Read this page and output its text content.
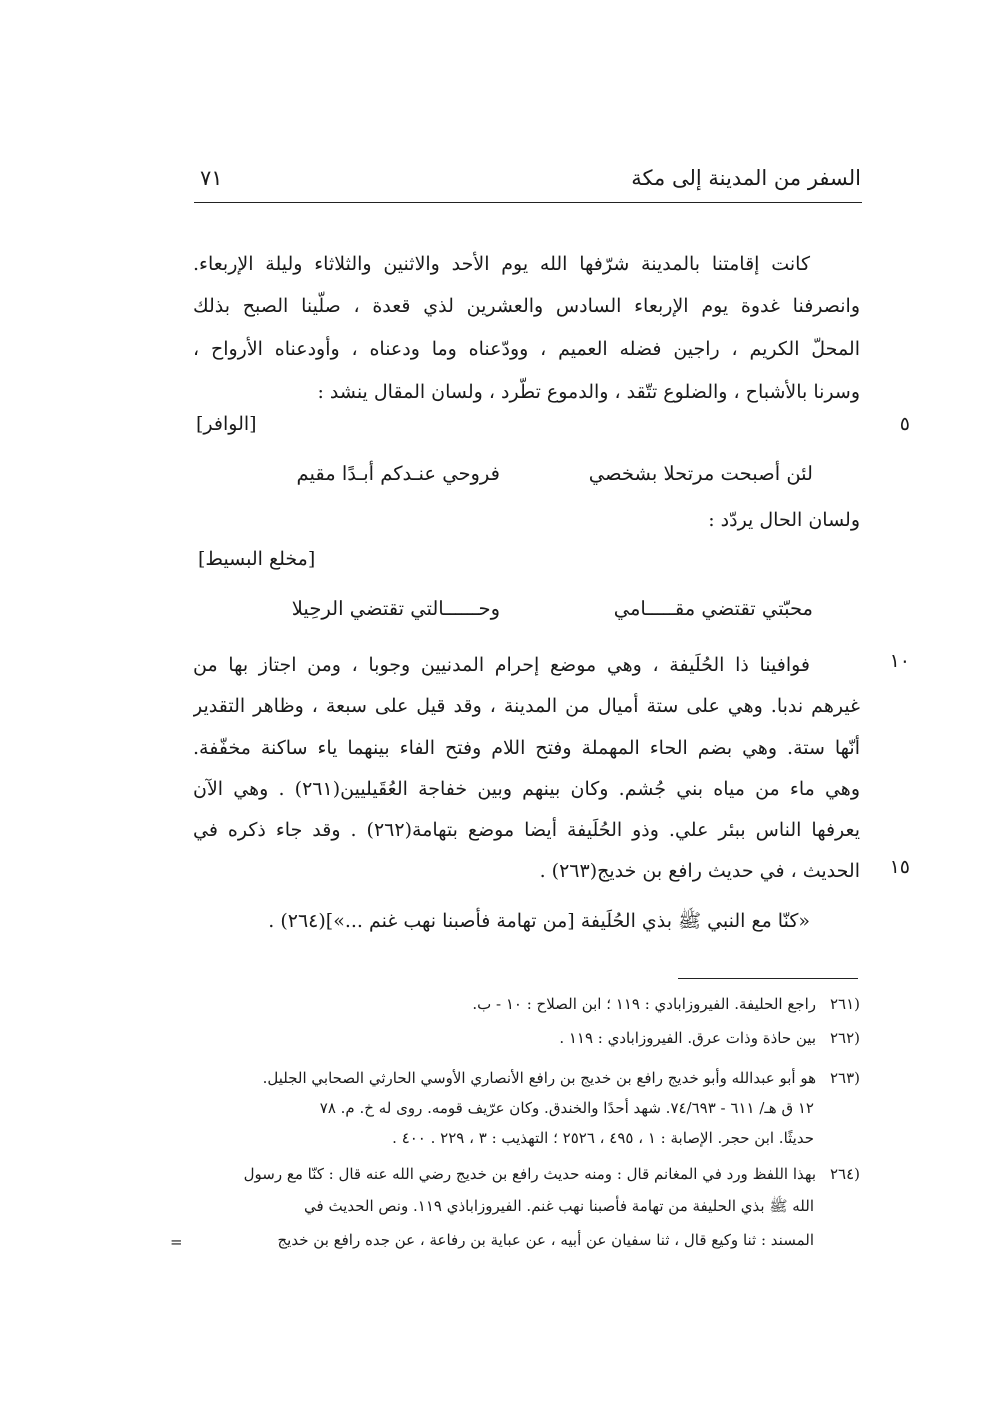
السفر من المدينة إلى مكة
٧١
كانت إقامتنا بالمدينة شرّفها الله يوم الأحد والاثنين والثلاثاء وليلة الإربعاء.
وانصرفنا غدوة يوم الإربعاء السادس والعشرين لذي قعدة ، صلّينا الصبح بذلك
المحلّ الكريم ، راجين فضله العميم ، وودّعناه وما ودعناه ، وأودعناه الأرواح ،
وسرنا بالأشباح ، والضلوع تتّقد ، والدموع تطّرد ، ولسان المقال ينشد :
[الوافر]	٥
لئن أصبحت مرتحلا بشخصي
فروحي عنـدكم أبـدًا مقيم
ولسان الحال يردّد :
[مخلع البسيط]
محبّتي تقتضي مقـــــامي
وحــــــالتي تقتضي الرحِيلا
١٠
فوافينا ذا الحُلَيفة ، وهي موضع إحرام المدنيين وجوبا ، ومن اجتاز بها من
غيرهم ندبا. وهي على ستة أميال من المدينة ، وقد قيل على سبعة ، وظاهر التقدير
أنّها ستة. وهي بضم الحاء المهملة وفتح اللام وفتح الفاء بينهما ياء ساكنة مخفّفة.
وهي ماء من مياه بني جُشم. وكان بينهم وبين خفاجة العُقَيليين(٢٦١) . وهي الآن
يعرفها الناس ببئر علي. وذو الحُلَيفة أيضا موضع بتهامة(٢٦٢) . وقد جاء ذكره في
الحديث ، في حديث رافع بن خديج(٢٦٣) . ١٥
«كنّا مع النبي ﷺ بذي الحُلَيفة [من تهامة فأصبنا نهب غنم ...»](٢٦٤) .
(٢٦١راجع الحليفة. الفيروزابادي : ١١٩ ؛ ابن الصلاح : ١٠ - ب.
(٢٦٢بين حاذة وذات عرق. الفيروزابادي : ١١٩ .
(٢٦٣هو أبو عبدالله وأبو خديج رافع بن خديج بن رافع الأنصاري الأوسي الحارثي الصحابي الجليل.
١٢ ق هـ/ ٦١١ - ٧٤/٦٩٣. شهد أحدًا والخندق. وكان عرّيف قومه. روى له خ. م. ٧٨
حديثًا. ابن حجر. الإصابة : ١ ، ٤٩٥ ، ٢٥٢٦ ؛ التهذيب : ٣ ، ٢٢٩ . ٤٠٠ .
(٢٦٤بهذا اللفظ ورد في المغانم قال : ومنه حديث رافع بن خديج رضي الله عنه قال : كنّا مع رسول
الله ﷺ بذي الحليفة من تهامة فأصبنا نهب غنم. الفيروزاباذي ١١٩. ونص الحديث في
المسند : ثنا وكيع قال ، ثنا سفيان عن أبيه ، عن عباية بن رفاعة ، عن جده رافع بن خديج
=
